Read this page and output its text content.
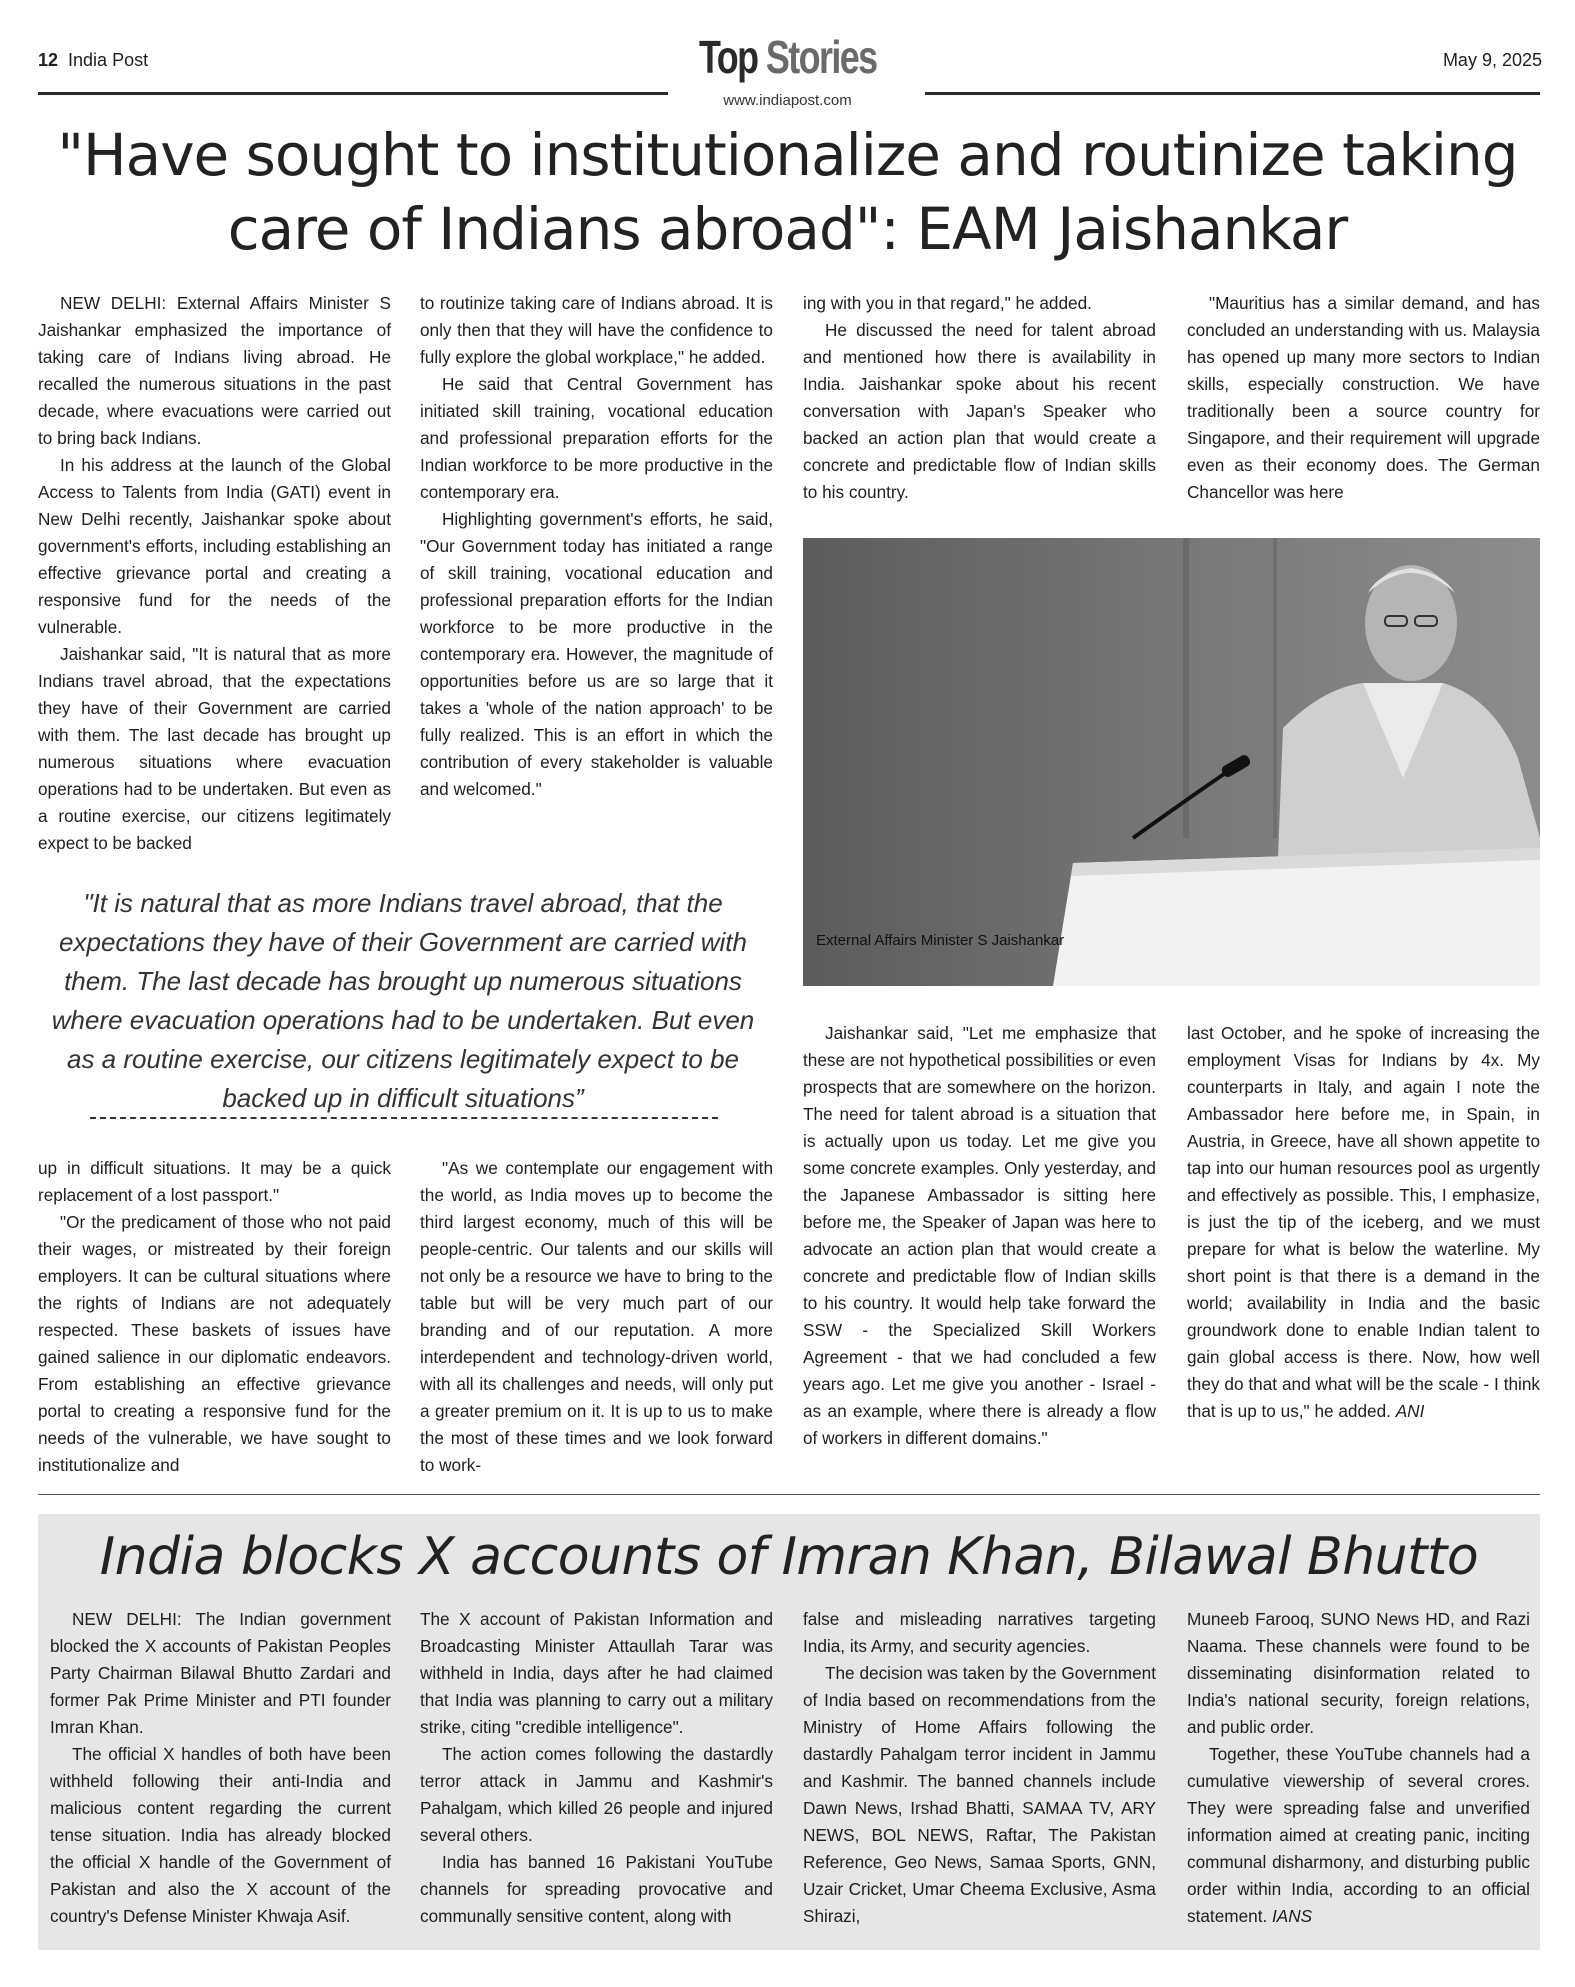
12 India Post	May 9, 2025
Top Stories
www.indiapost.com
"Have sought to institutionalize and routinize taking
care of Indians abroad": EAM Jaishankar

NEW DELHI: External Affairs Minister S Jaishankar emphasized the importance of taking care of Indians living abroad. He recalled the numerous situations in the past decade, where evacuations were carried out to bring back Indians.

In his address at the launch of the Global Access to Talents from India (GATI) event in New Delhi recently, Jaishankar spoke about government's efforts, including establishing an effective grievance portal and creating a responsive fund for the needs of the vulnerable.

Jaishankar said, "It is natural that as more Indians travel abroad, that the expectations they have of their Government are carried with them. The last decade has brought up numerous situations where evacuation operations had to be undertaken. But even as a routine exercise, our citizens legitimately expect to be backed

to routinize taking care of Indians abroad. It is only then that they will have the confidence to fully explore the global workplace," he added.

He said that Central Government has initiated skill training, vocational education and professional preparation efforts for the Indian workforce to be more productive in the contemporary era.

Highlighting government's efforts, he said, "Our Government today has initiated a range of skill training, vocational education and professional preparation efforts for the Indian workforce to be more productive in the contemporary era. However, the magnitude of opportunities before us are so large that it takes a 'whole of the nation approach' to be fully realized. This is an effort in which the contribution of every stakeholder is valuable and welcomed."

ing with you in that regard," he added.

He discussed the need for talent abroad and mentioned how there is availability in India. Jaishankar spoke about his recent conversation with Japan's Speaker who backed an action plan that would create a concrete and predictable flow of Indian skills to his country.

"Mauritius has a similar demand, and has concluded an understanding with us. Malaysia has opened up many more sectors to Indian skills, especially construction. We have traditionally been a source country for Singapore, and their requirement will upgrade even as their economy does. The German Chancellor was here

External Affairs Minister S Jaishankar
"It is natural that as more Indians travel abroad, that the expectations they have of their Government are carried with them. The last decade has brought up numerous situations where evacuation operations had to be undertaken. But even as a routine exercise, our citizens legitimately expect to be backed up in difficult situations”

up in difficult situations. It may be a quick replacement of a lost passport."

"Or the predicament of those who not paid their wages, or mistreated by their foreign employers. It can be cultural situations where the rights of Indians are not adequately respected. These baskets of issues have gained salience in our diplomatic endeavors. From establishing an effective grievance portal to creating a responsive fund for the needs of the vulnerable, we have sought to institutionalize and

"As we contemplate our engagement with the world, as India moves up to become the third largest economy, much of this will be people-centric. Our talents and our skills will not only be a resource we have to bring to the table but will be very much part of our branding and of our reputation. A more interdependent and technology-driven world, with all its challenges and needs, will only put a greater premium on it. It is up to us to make the most of these times and we look forward to work-

Jaishankar said, "Let me emphasize that these are not hypothetical possibilities or even prospects that are somewhere on the horizon. The need for talent abroad is a situation that is actually upon us today. Let me give you some concrete examples. Only yesterday, and the Japanese Ambassador is sitting here before me, the Speaker of Japan was here to advocate an action plan that would create a concrete and predictable flow of Indian skills to his country. It would help take forward the SSW - the Specialized Skill Workers Agreement - that we had concluded a few years ago. Let me give you another - Israel - as an example, where there is already a flow of workers in different domains."

last October, and he spoke of increasing the employment Visas for Indians by 4x. My counterparts in Italy, and again I note the Ambassador here before me, in Spain, in Austria, in Greece, have all shown appetite to tap into our human resources pool as urgently and effectively as possible. This, I emphasize, is just the tip of the iceberg, and we must prepare for what is below the waterline. My short point is that there is a demand in the world; availability in India and the basic groundwork done to enable Indian talent to gain global access is there. Now, how well they do that and what will be the scale - I think that is up to us," he added. ANI

India blocks X accounts of Imran Khan, Bilawal Bhutto

NEW DELHI: The Indian government blocked the X accounts of Pakistan Peoples Party Chairman Bilawal Bhutto Zardari and former Pak Prime Minister and PTI founder Imran Khan.

The official X handles of both have been withheld following their anti-India and malicious content regarding the current tense situation. India has already blocked the official X handle of the Government of Pakistan and also the X account of the country's Defense Minister Khwaja Asif.

The X account of Pakistan Information and Broadcasting Minister Attaullah Tarar was withheld in India, days after he had claimed that India was planning to carry out a military strike, citing "credible intelligence".

The action comes following the dastardly terror attack in Jammu and Kashmir's Pahalgam, which killed 26 people and injured several others.

India has banned 16 Pakistani YouTube channels for spreading provocative and communally sensitive content, along with

false and misleading narratives targeting India, its Army, and security agencies.

The decision was taken by the Government of India based on recommendations from the Ministry of Home Affairs following the dastardly Pahalgam terror incident in Jammu and Kashmir. The banned channels include Dawn News, Irshad Bhatti, SAMAA TV, ARY NEWS, BOL NEWS, Raftar, The Pakistan Reference, Geo News, Samaa Sports, GNN, Uzair Cricket, Umar Cheema Exclusive, Asma Shirazi,

Muneeb Farooq, SUNO News HD, and Razi Naama. These channels were found to be disseminating disinformation related to India's national security, foreign relations, and public order.

Together, these YouTube channels had a cumulative viewership of several crores. They were spreading false and unverified information aimed at creating panic, inciting communal disharmony, and disturbing public order within India, according to an official statement. IANS
